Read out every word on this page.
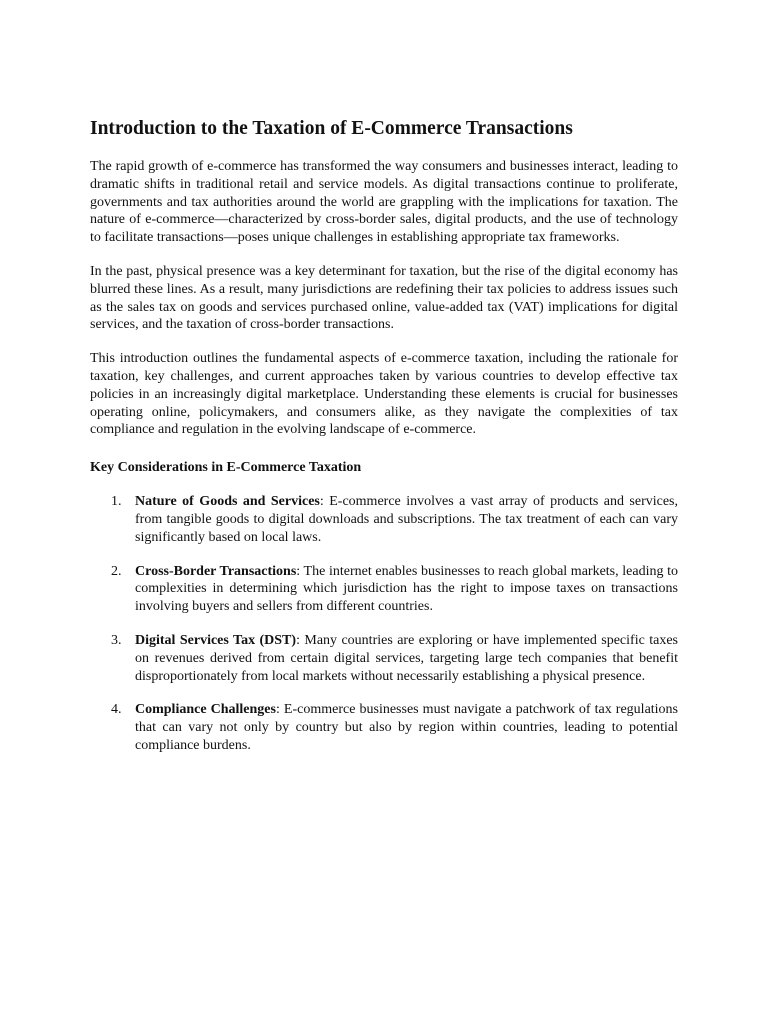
Introduction to the Taxation of E-Commerce Transactions

The rapid growth of e-commerce has transformed the way consumers and businesses interact, leading to dramatic shifts in traditional retail and service models. As digital transactions continue to proliferate, governments and tax authorities around the world are grappling with the implications for taxation. The nature of e-commerce—characterized by cross-border sales, digital products, and the use of technology to facilitate transactions—poses unique challenges in establishing appropriate tax frameworks.

In the past, physical presence was a key determinant for taxation, but the rise of the digital economy has blurred these lines. As a result, many jurisdictions are redefining their tax policies to address issues such as the sales tax on goods and services purchased online, value-added tax (VAT) implications for digital services, and the taxation of cross-border transactions.

This introduction outlines the fundamental aspects of e-commerce taxation, including the rationale for taxation, key challenges, and current approaches taken by various countries to develop effective tax policies in an increasingly digital marketplace. Understanding these elements is crucial for businesses operating online, policymakers, and consumers alike, as they navigate the complexities of tax compliance and regulation in the evolving landscape of e-commerce.

Key Considerations in E-Commerce Taxation
1. Nature of Goods and Services: E-commerce involves a vast array of products and services, from tangible goods to digital downloads and subscriptions. The tax treatment of each can vary significantly based on local laws.
2. Cross-Border Transactions: The internet enables businesses to reach global markets, leading to complexities in determining which jurisdiction has the right to impose taxes on transactions involving buyers and sellers from different countries.
3. Digital Services Tax (DST): Many countries are exploring or have implemented specific taxes on revenues derived from certain digital services, targeting large tech companies that benefit disproportionately from local markets without necessarily establishing a physical presence.
4. Compliance Challenges: E-commerce businesses must navigate a patchwork of tax regulations that can vary not only by country but also by region within countries, leading to potential compliance burdens.
